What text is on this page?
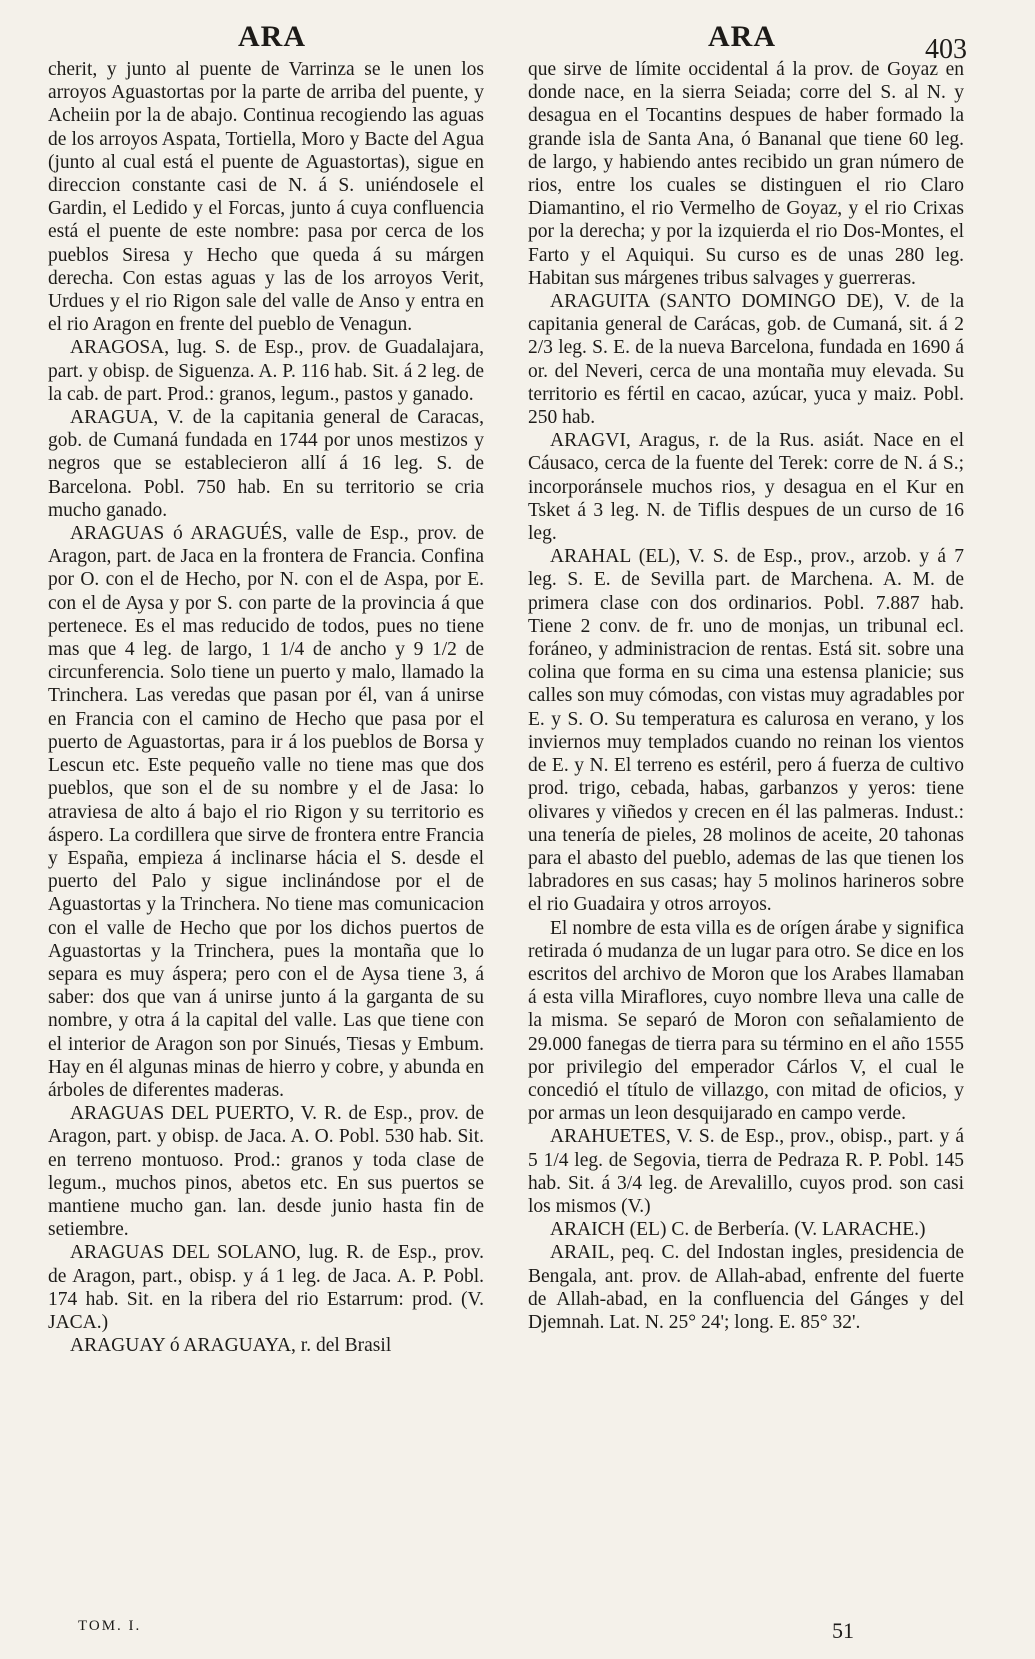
ARA	ARA	403

cherit, y junto al puente de Varrinza se le unen los arroyos Aguastortas por la parte de arriba del puente, y Acheiin por la de abajo. Continua recogiendo las aguas de los arroyos Aspata, Tortiella, Moro y Bacte del Agua (junto al cual está el puente de Aguastortas), sigue en direccion constante casi de N. á S. uniéndosele el Gardin, el Ledido y el Forcas, junto á cuya confluencia está el puente de este nombre: pasa por cerca de los pueblos Siresa y Hecho que queda á su márgen derecha. Con estas aguas y las de los arroyos Verit, Urdues y el rio Rigon sale del valle de Anso y entra en el rio Aragon en frente del pueblo de Venagun.

ARAGOSA, lug. S. de Esp., prov. de Guadalajara, part. y obisp. de Siguenza. A. P. 116 hab. Sit. á 2 leg. de la cab. de part. Prod.: granos, legum., pastos y ganado.

ARAGUA, V. de la capitania general de Caracas, gob. de Cumaná fundada en 1744 por unos mestizos y negros que se establecieron allí á 16 leg. S. de Barcelona. Pobl. 750 hab. En su territorio se cria mucho ganado.

ARAGUAS ó ARAGUÉS, valle de Esp., prov. de Aragon, part. de Jaca en la frontera de Francia. Confina por O. con el de Hecho, por N. con el de Aspa, por E. con el de Aysa y por S. con parte de la provincia á que pertenece. Es el mas reducido de todos, pues no tiene mas que 4 leg. de largo, 1 1/4 de ancho y 9 1/2 de circunferencia. Solo tiene un puerto y malo, llamado la Trinchera. Las veredas que pasan por él, van á unirse en Francia con el camino de Hecho que pasa por el puerto de Aguastortas, para ir á los pueblos de Borsa y Lescun etc. Este pequeño valle no tiene mas que dos pueblos, que son el de su nombre y el de Jasa: lo atraviesa de alto á bajo el rio Rigon y su territorio es áspero. La cordillera que sirve de frontera entre Francia y España, empieza á inclinarse hácia el S. desde el puerto del Palo y sigue inclinándose por el de Aguastortas y la Trinchera. No tiene mas comunicacion con el valle de Hecho que por los dichos puertos de Aguastortas y la Trinchera, pues la montaña que lo separa es muy áspera; pero con el de Aysa tiene 3, á saber: dos que van á unirse junto á la garganta de su nombre, y otra á la capital del valle. Las que tiene con el interior de Aragon son por Sinués, Tiesas y Embum. Hay en él algunas minas de hierro y cobre, y abunda en árboles de diferentes maderas.

ARAGUAS DEL PUERTO, V. R. de Esp., prov. de Aragon, part. y obisp. de Jaca. A. O. Pobl. 530 hab. Sit. en terreno montuoso. Prod.: granos y toda clase de legum., muchos pinos, abetos etc. En sus puertos se mantiene mucho gan. lan. desde junio hasta fin de setiembre.

ARAGUAS DEL SOLANO, lug. R. de Esp., prov. de Aragon, part., obisp. y á 1 leg. de Jaca. A. P. Pobl. 174 hab. Sit. en la ribera del rio Estarrum: prod. (V. JACA.)

ARAGUAY ó ARAGUAYA, r. del Brasil

que sirve de límite occidental á la prov. de Goyaz en donde nace, en la sierra Seiada; corre del S. al N. y desagua en el Tocantins despues de haber formado la grande isla de Santa Ana, ó Bananal que tiene 60 leg. de largo, y habiendo antes recibido un gran número de rios, entre los cuales se distinguen el rio Claro Diamantino, el rio Vermelho de Goyaz, y el rio Crixas por la derecha; y por la izquierda el rio Dos-Montes, el Farto y el Aquiqui. Su curso es de unas 280 leg. Habitan sus márgenes tribus salvages y guerreras.

ARAGUITA (SANTO DOMINGO DE), V. de la capitania general de Carácas, gob. de Cumaná, sit. á 2 2/3 leg. S. E. de la nueva Barcelona, fundada en 1690 á or. del Neveri, cerca de una montaña muy elevada. Su territorio es fértil en cacao, azúcar, yuca y maiz. Pobl. 250 hab.

ARAGVI, Aragus, r. de la Rus. asiát. Nace en el Cáusaco, cerca de la fuente del Terek: corre de N. á S.; incorporánsele muchos rios, y desagua en el Kur en Tsket á 3 leg. N. de Tiflis despues de un curso de 16 leg.

ARAHAL (EL), V. S. de Esp., prov., arzob. y á 7 leg. S. E. de Sevilla part. de Marchena. A. M. de primera clase con dos ordinarios. Pobl. 7.887 hab. Tiene 2 conv. de fr. uno de monjas, un tribunal ecl. foráneo, y administracion de rentas. Está sit. sobre una colina que forma en su cima una estensa planicie; sus calles son muy cómodas, con vistas muy agradables por E. y S. O. Su temperatura es calurosa en verano, y los inviernos muy templados cuando no reinan los vientos de E. y N. El terreno es estéril, pero á fuerza de cultivo prod. trigo, cebada, habas, garbanzos y yeros: tiene olivares y viñedos y crecen en él las palmeras. Indust.: una tenería de pieles, 28 molinos de aceite, 20 tahonas para el abasto del pueblo, ademas de las que tienen los labradores en sus casas; hay 5 molinos harineros sobre el rio Guadaira y otros arroyos.

El nombre de esta villa es de orígen árabe y significa retirada ó mudanza de un lugar para otro. Se dice en los escritos del archivo de Moron que los Arabes llamaban á esta villa Miraflores, cuyo nombre lleva una calle de la misma. Se separó de Moron con señalamiento de 29.000 fanegas de tierra para su término en el año 1555 por privilegio del emperador Cárlos V, el cual le concedió el título de villazgo, con mitad de oficios, y por armas un leon desquijarado en campo verde.

ARAHUETES, V. S. de Esp., prov., obisp., part. y á 5 1/4 leg. de Segovia, tierra de Pedraza R. P. Pobl. 145 hab. Sit. á 3/4 leg. de Arevalillo, cuyos prod. son casi los mismos (V.)

ARAICH (EL) C. de Berbería. (V. LARACHE.)

ARAIL, peq. C. del Indostan ingles, presidencia de Bengala, ant. prov. de Allah-abad, enfrente del fuerte de Allah-abad, en la confluencia del Gánges y del Djemnah. Lat. N. 25° 24'; long. E. 85° 32'.

TOM. I.	51
